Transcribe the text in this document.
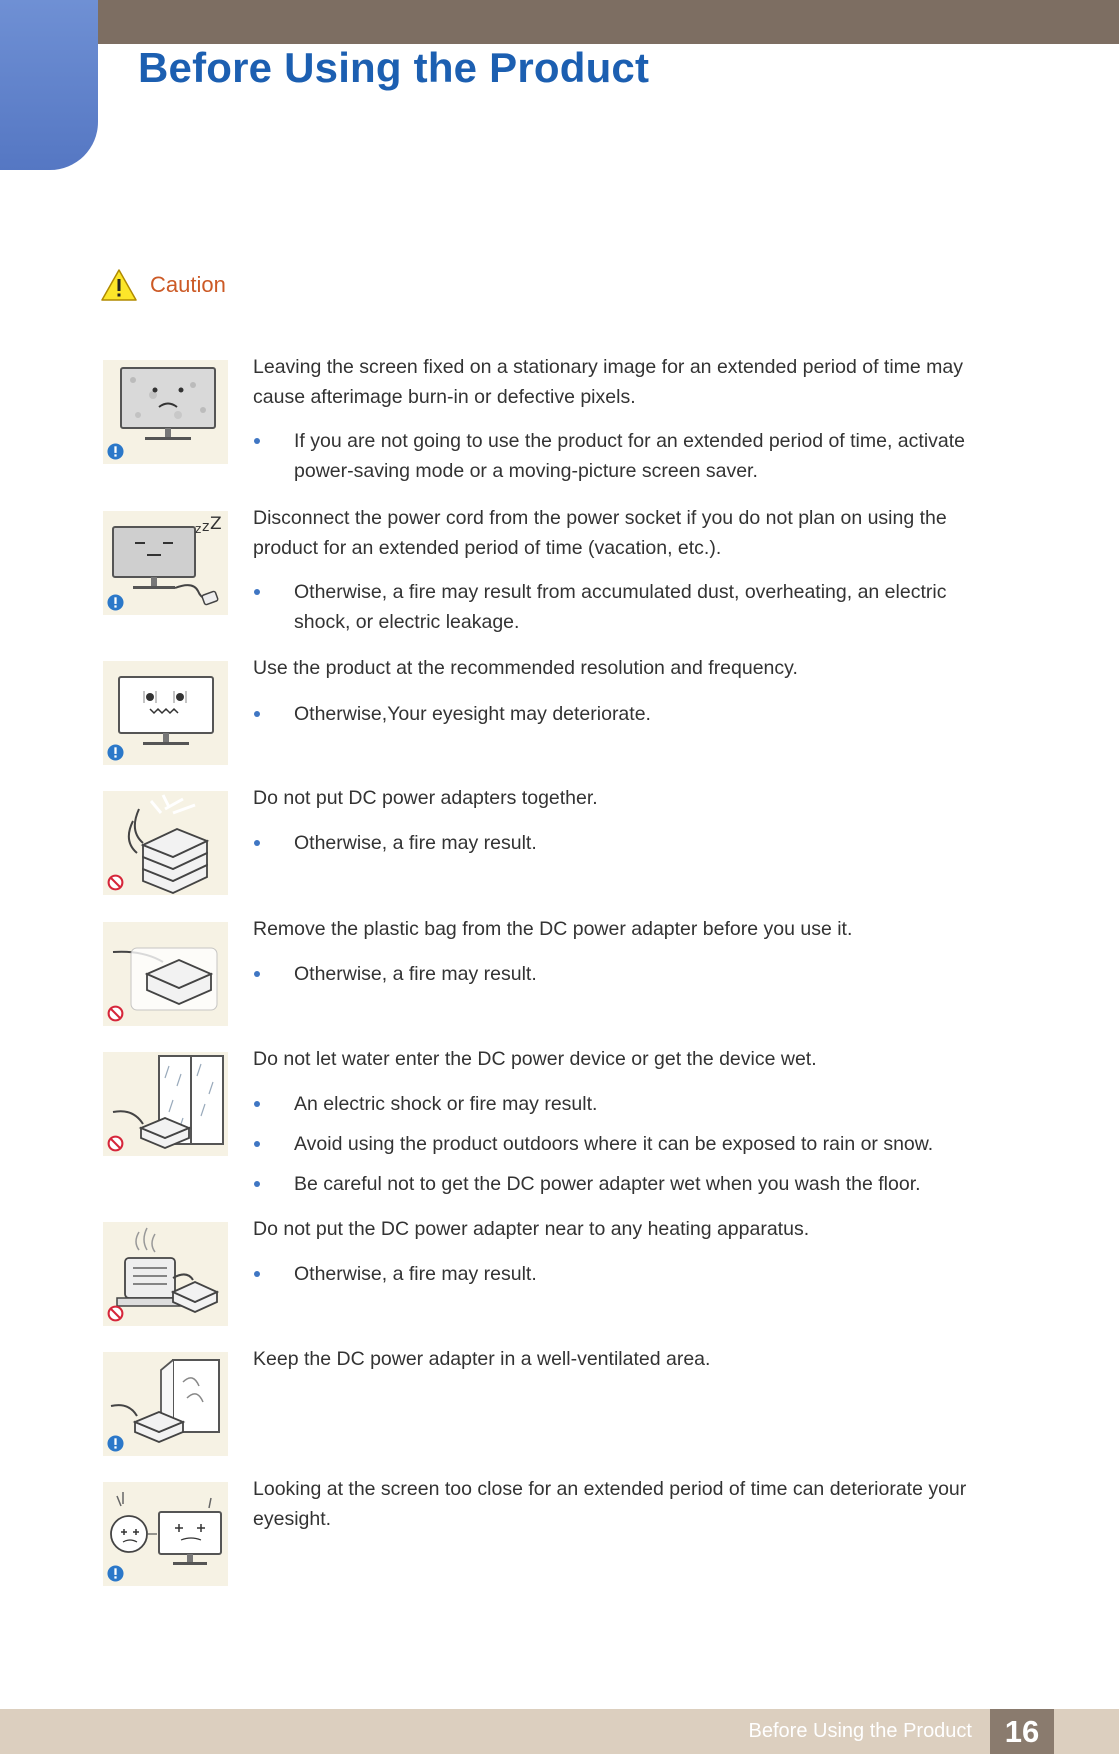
Before Using the Product
Caution

Leaving the screen fixed on a stationary image for an extended period of time may cause afterimage burn-in or defective pixels.

If you are not going to use the product for an extended period of time, activate power-saving mode or a moving-picture screen saver.
z z Z Disconnect the power cord from the power socket if you do not plan on using the product for an extended period of time (vacation, etc.).

Otherwise, a fire may result from accumulated dust, overheating, an electric shock, or electric leakage.

Use the product at the recommended resolution and frequency.

Otherwise,Your eyesight may deteriorate.

Do not put DC power adapters together.

Otherwise, a fire may result.

Remove the plastic bag from the DC power adapter before you use it.

Otherwise, a fire may result.

Do not let water enter the DC power device or get the device wet.

An electric shock or fire may result.
Avoid using the product outdoors where it can be exposed to rain or snow.
Be careful not to get the DC power adapter wet when you wash the floor.

Do not put the DC power adapter near to any heating apparatus.

Otherwise, a fire may result.

Keep the DC power adapter in a well-ventilated area.

Looking at the screen too close for an extended period of time can deteriorate your eyesight.

Before Using the Product	16
